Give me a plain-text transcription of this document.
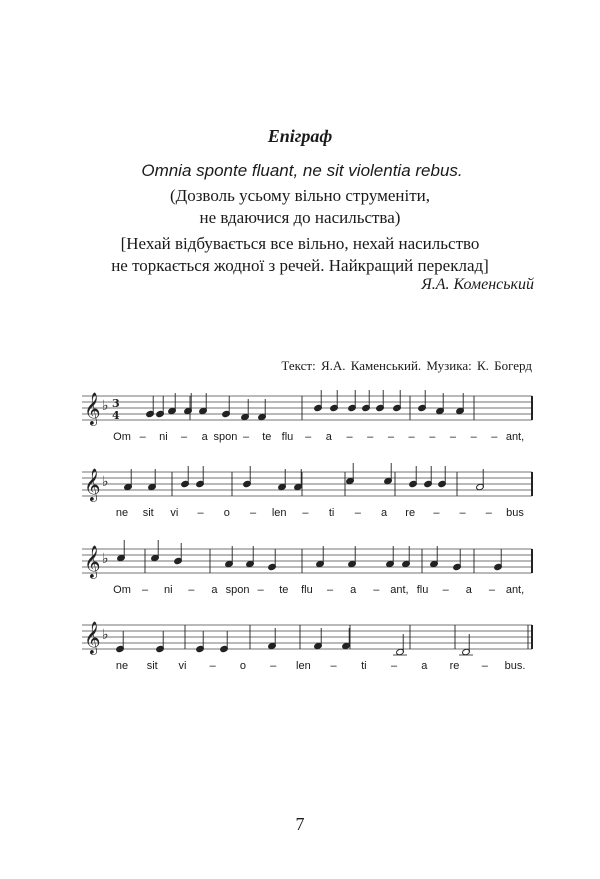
Епіграф
Omnia sponte fluant, ne sit violentia rebus.
(Дозволь усьому вільно струменіти,
не вдаючися до насильства)
[Нехай відбувається все вільно, нехай насильство
не торкається жодної з речей. Найкращий переклад]
Я.А. Коменський
Текст: Я.А. Каменський. Музика: К. Богерд
𝄞 ♭ 3
4
𝄞 ♭
𝄞 ♭
𝄞 ♭
Om – ni – a spon – te flu – a – – – – – – – – ant,
ne sit vi – o – len – ti – a re – – – bus
Om – ni – a spon – te flu – a – ant, flu – a – ant,
ne sit vi – o – len – ti – a re – bus.
7
